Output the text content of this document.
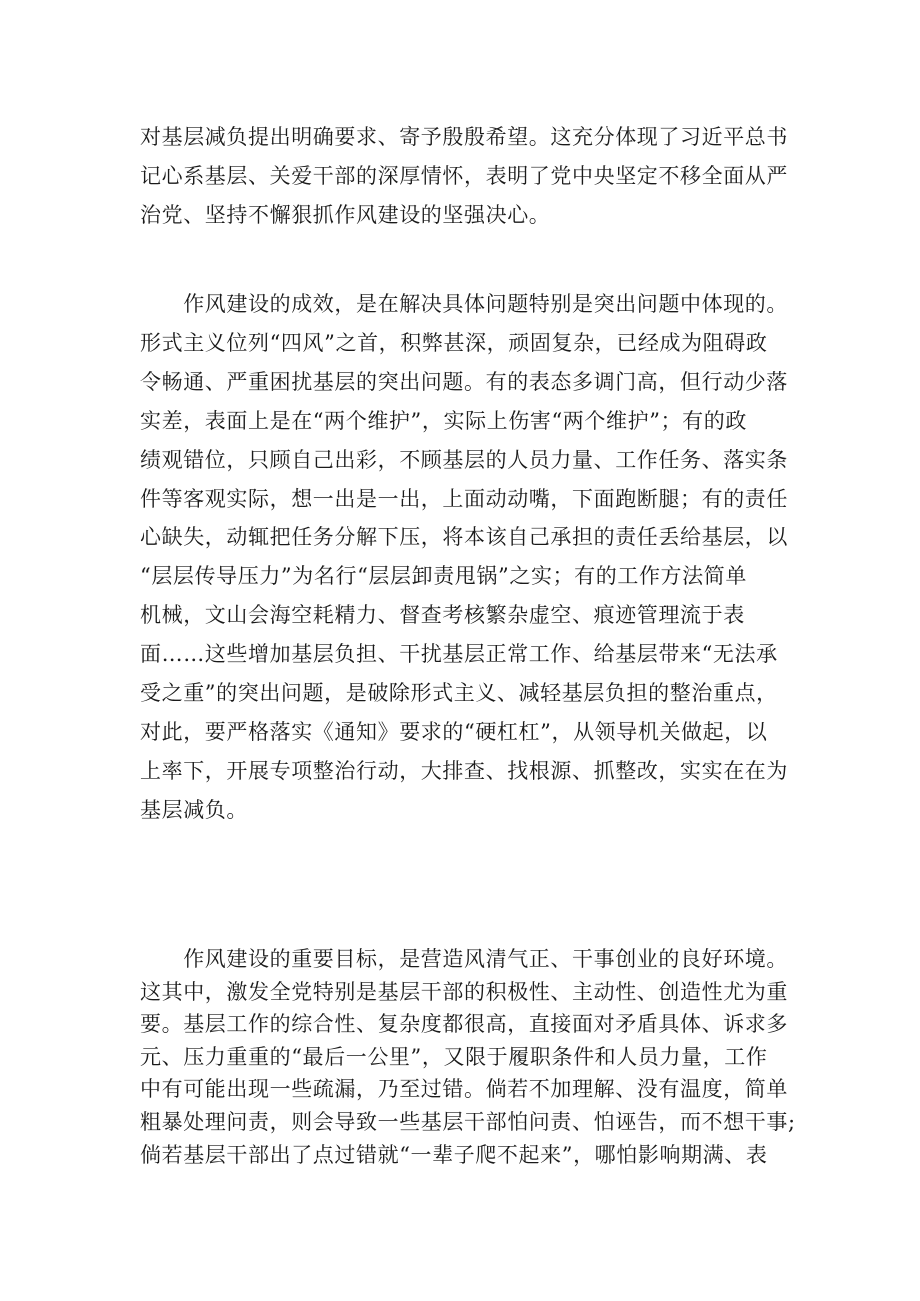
对基层减负提出明确要求、寄予殷殷希望。这充分体现了习近平总书
记心系基层、关爱干部的深厚情怀，表明了党中央坚定不移全面从严
治党、坚持不懈狠抓作风建设的坚强决心。
　　作风建设的成效，是在解决具体问题特别是突出问题中体现的。
形式主义位列“四风”之首，积弊甚深，顽固复杂，已经成为阻碍政
令畅通、严重困扰基层的突出问题。有的表态多调门高，但行动少落
实差，表面上是在“两个维护”，实际上伤害“两个维护”；有的政
绩观错位，只顾自己出彩，不顾基层的人员力量、工作任务、落实条
件等客观实际，想一出是一出，上面动动嘴，下面跑断腿；有的责任
心缺失，动辄把任务分解下压，将本该自己承担的责任丢给基层，以
“层层传导压力”为名行“层层卸责甩锅”之实；有的工作方法简单
机械，文山会海空耗精力、督查考核繁杂虚空、痕迹管理流于表
面……这些增加基层负担、干扰基层正常工作、给基层带来“无法承
受之重”的突出问题，是破除形式主义、减轻基层负担的整治重点，
对此，要严格落实《通知》要求的“硬杠杠”，从领导机关做起，以
上率下，开展专项整治行动，大排查、找根源、抓整改，实实在在为
基层减负。
　　作风建设的重要目标，是营造风清气正、干事创业的良好环境。
这其中，激发全党特别是基层干部的积极性、主动性、创造性尤为重
要。基层工作的综合性、复杂度都很高，直接面对矛盾具体、诉求多
元、压力重重的“最后一公里”，又限于履职条件和人员力量，工作
中有可能出现一些疏漏，乃至过错。倘若不加理解、没有温度，简单
粗暴处理问责，则会导致一些基层干部怕问责、怕诬告，而不想干事;
倘若基层干部出了点过错就“一辈子爬不起来”，哪怕影响期满、表
